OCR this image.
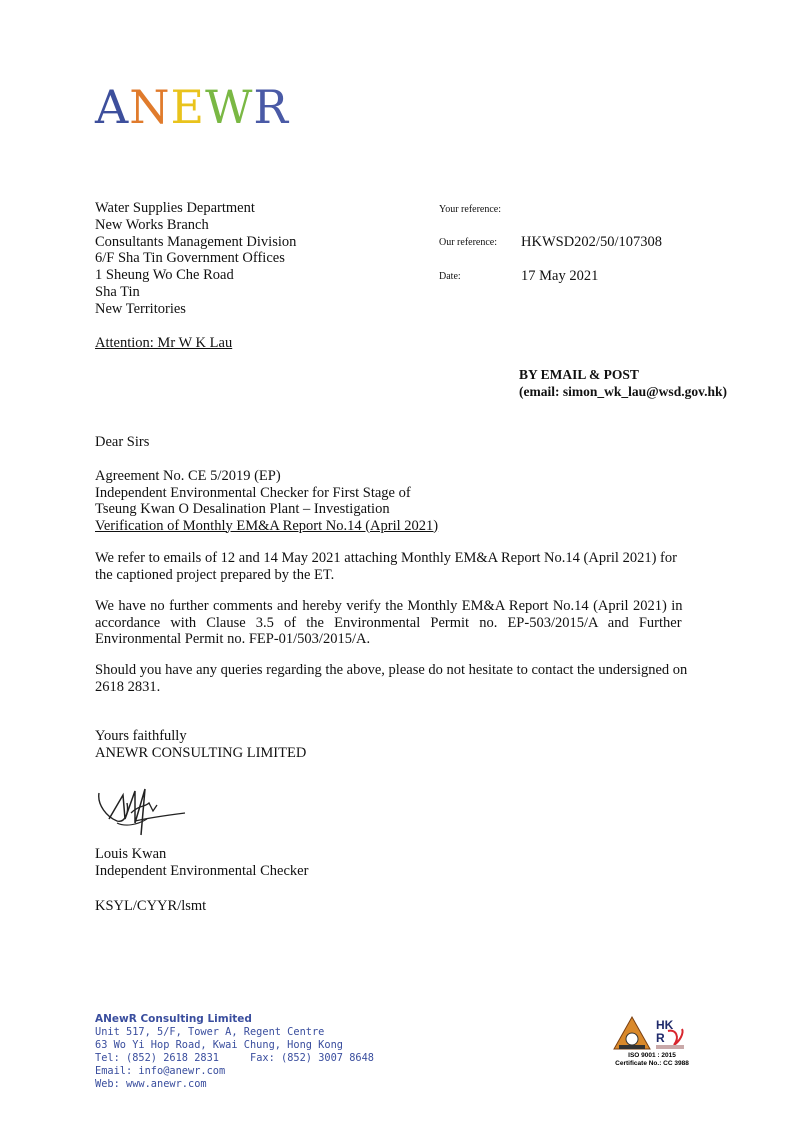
ANEWR
Water Supplies Department
New Works Branch
Consultants Management Division
6/F Sha Tin Government Offices
1 Sheung Wo Che Road
Sha Tin
New Territories
Your reference:
Our reference: HKWSD202/50/107308
Date:	17 May 2021
Attention: Mr W K Lau
BY EMAIL & POST
(email: simon_wk_lau@wsd.gov.hk)
Dear Sirs
Agreement No. CE 5/2019 (EP)
Independent Environmental Checker for First Stage of
Tseung Kwan O Desalination Plant – Investigation
Verification of Monthly EM&A Report No.14 (April 2021)
We refer to emails of 12 and 14 May 2021 attaching Monthly EM&A Report No.14 (April 2021) for
the captioned project prepared by the ET.
We have no further comments and hereby verify the Monthly EM&A Report No.14 (April 2021) in
accordance with Clause 3.5 of the Environmental Permit no. EP-503/2015/A and Further
Environmental Permit no. FEP-01/503/2015/A.
Should you have any queries regarding the above, please do not hesitate to contact the undersigned on
2618 2831.
Yours faithfully
ANEWR CONSULTING LIMITED
Louis Kwan
Independent Environmental Checker
KSYL/CYYR/lsmt
ANewR Consulting Limited
Unit 517, 5/F, Tower A, Regent Centre
63 Wo Yi Hop Road, Kwai Chung, Hong Kong
Tel: (852) 2618 2831	Fax: (852) 3007 8648
Email: info@anewr.com
Web: www.anewr.com
HK
R
ISO 9001 : 2015
Certificate No.: CC 3988
